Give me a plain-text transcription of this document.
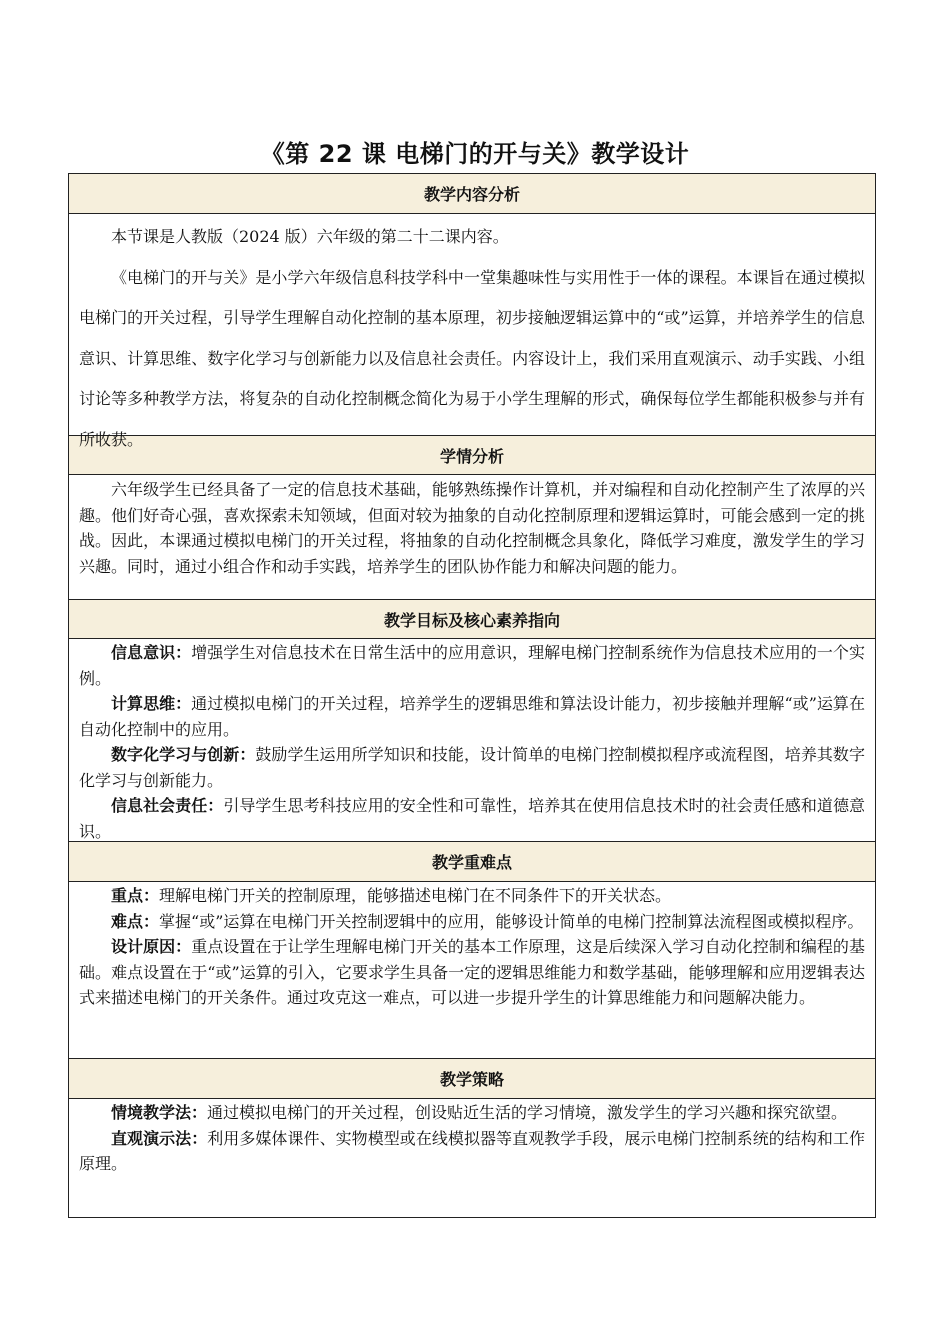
《第 22 课 电梯门的开与关》教学设计
教学内容分析

本节课是人教版（2024 版）六年级的第二十二课内容。

《电梯门的开与关》是小学六年级信息科技学科中一堂集趣味性与实用性于一体的课程。本课旨在通过模拟电梯门的开关过程，引导学生理解自动化控制的基本原理，初步接触逻辑运算中的“或”运算，并培养学生的信息意识、计算思维、数字化学习与创新能力以及信息社会责任。内容设计上，我们采用直观演示、动手实践、小组讨论等多种教学方法，将复杂的自动化控制概念简化为易于小学生理解的形式，确保每位学生都能积极参与并有所收获。

学情分析

六年级学生已经具备了一定的信息技术基础，能够熟练操作计算机，并对编程和自动化控制产生了浓厚的兴趣。他们好奇心强，喜欢探索未知领域，但面对较为抽象的自动化控制原理和逻辑运算时，可能会感到一定的挑战。因此，本课通过模拟电梯门的开关过程，将抽象的自动化控制概念具象化，降低学习难度，激发学生的学习兴趣。同时，通过小组合作和动手实践，培养学生的团队协作能力和解决问题的能力。

教学目标及核心素养指向

信息意识：增强学生对信息技术在日常生活中的应用意识，理解电梯门控制系统作为信息技术应用的一个实例。

计算思维：通过模拟电梯门的开关过程，培养学生的逻辑思维和算法设计能力，初步接触并理解“或”运算在自动化控制中的应用。

数字化学习与创新：鼓励学生运用所学知识和技能，设计简单的电梯门控制模拟程序或流程图，培养其数字化学习与创新能力。

信息社会责任：引导学生思考科技应用的安全性和可靠性，培养其在使用信息技术时的社会责任感和道德意识。

教学重难点

重点：理解电梯门开关的控制原理，能够描述电梯门在不同条件下的开关状态。

难点：掌握“或”运算在电梯门开关控制逻辑中的应用，能够设计简单的电梯门控制算法流程图或模拟程序。

设计原因：重点设置在于让学生理解电梯门开关的基本工作原理，这是后续深入学习自动化控制和编程的基础。难点设置在于“或”运算的引入，它要求学生具备一定的逻辑思维能力和数学基础，能够理解和应用逻辑表达式来描述电梯门的开关条件。通过攻克这一难点，可以进一步提升学生的计算思维能力和问题解决能力。

教学策略

情境教学法：通过模拟电梯门的开关过程，创设贴近生活的学习情境，激发学生的学习兴趣和探究欲望。

直观演示法：利用多媒体课件、实物模型或在线模拟器等直观教学手段，展示电梯门控制系统的结构和工作原理。
